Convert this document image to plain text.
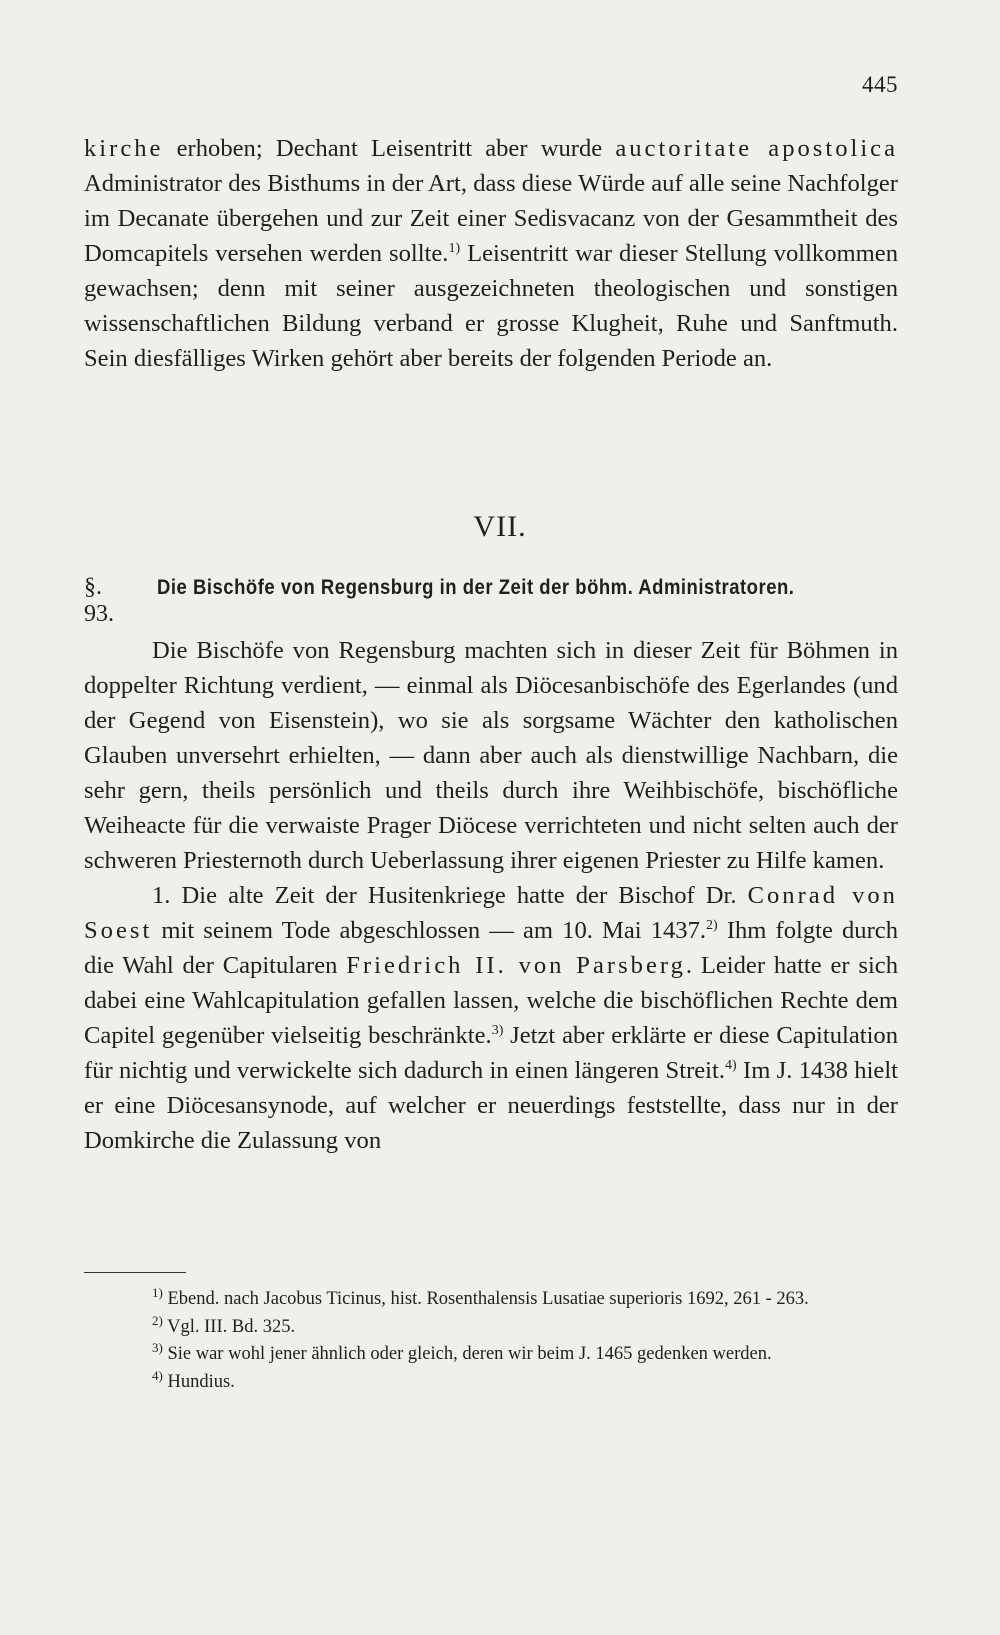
445

kirche erhoben; Dechant Leisentritt aber wurde auctoritate apostolica Administrator des Bisthums in der Art, dass diese Würde auf alle seine Nachfolger im Decanate übergehen und zur Zeit einer Sedisvacanz von der Gesammtheit des Domcapitels versehen werden sollte.$^{1)}$ Leisentritt war dieser Stellung vollkommen gewachsen; denn mit seiner ausgezeichneten theologischen und sonstigen wissenschaftlichen Bildung verband er grosse Klugheit, Ruhe und Sanftmuth. Sein diesfälliges Wirken gehört aber bereits der folgenden Periode an.

VII.
§. 93.
Die Bischöfe von Regensburg in der Zeit der böhm. Administratoren.

Die Bischöfe von Regensburg machten sich in dieser Zeit für Böhmen in doppelter Richtung verdient, — einmal als Diöcesanbischöfe des Egerlandes (und der Gegend von Eisenstein), wo sie als sorgsame Wächter den katholischen Glauben unversehrt erhielten, — dann aber auch als dienstwillige Nachbarn, die sehr gern, theils persönlich und theils durch ihre Weihbischöfe, bischöfliche Weiheacte für die verwaiste Prager Diöcese verrichteten und nicht selten auch der schweren Priesternoth durch Ueberlassung ihrer eigenen Priester zu Hilfe kamen.

1. Die alte Zeit der Husitenkriege hatte der Bischof Dr. Conrad von Soest mit seinem Tode abgeschlossen — am 10. Mai 1437.$^{2)}$ Ihm folgte durch die Wahl der Capitularen Friedrich II. von Parsberg. Leider hatte er sich dabei eine Wahlcapitulation gefallen lassen, welche die bischöflichen Rechte dem Capitel gegenüber vielseitig beschränkte.$^{3)}$ Jetzt aber erklärte er diese Capitulation für nichtig und verwickelte sich dadurch in einen längeren Streit.$^{4)}$ Im J. 1438 hielt er eine Diöcesansynode, auf welcher er neuerdings feststellte, dass nur in der Domkirche die Zulassung von

$^{1)}$ Ebend. nach Jacobus Ticinus, hist. Rosenthalensis Lusatiae superioris 1692, 261 - 263.

$^{2)}$ Vgl. III. Bd. 325.

$^{3)}$ Sie war wohl jener ähnlich oder gleich, deren wir beim J. 1465 gedenken werden.

$^{4)}$ Hundius.
